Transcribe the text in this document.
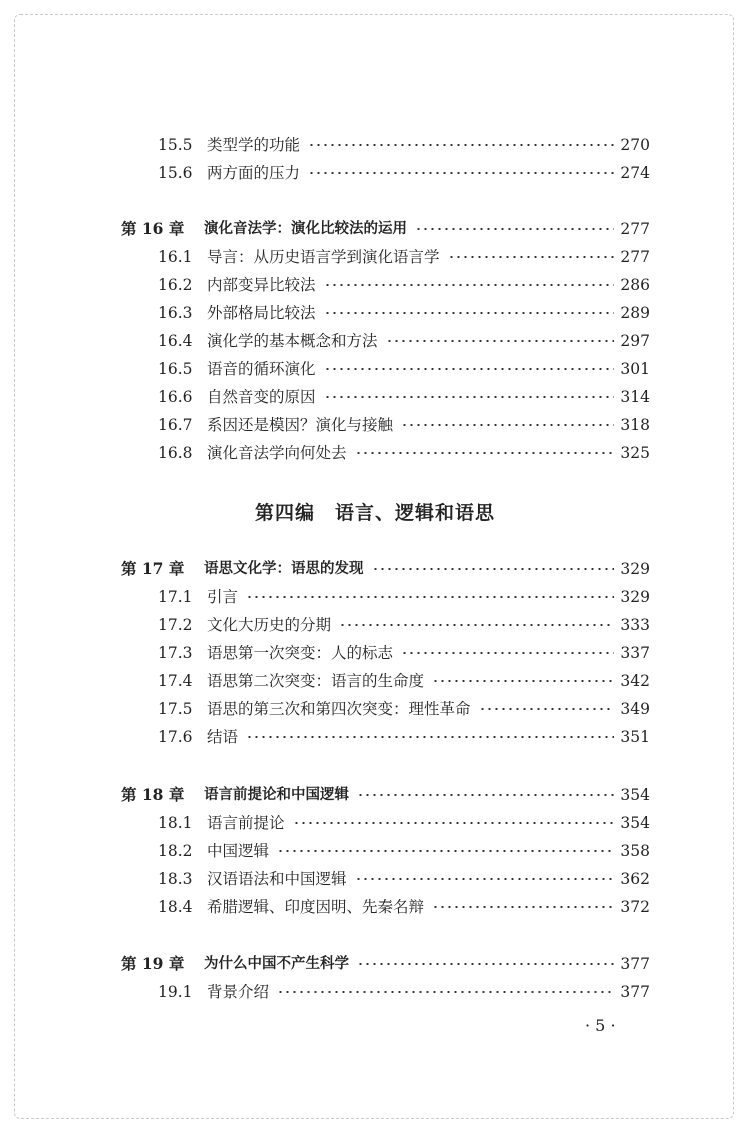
15.5 类型学的功能	270
15.6 两方面的压力	274
第 16 章	演化音法学：演化比较法的运用	277
16.1 导言：从历史语言学到演化语言学	277
16.2 内部变异比较法	286
16.3 外部格局比较法	289
16.4 演化学的基本概念和方法	297
16.5 语音的循环演化	301
16.6 自然音变的原因	314
16.7 系因还是模因？演化与接触	318
16.8 演化音法学向何处去	325
第四编　语言、逻辑和语思
第 17 章	语思文化学：语思的发现	329
17.1 引言	329
17.2 文化大历史的分期	333
17.3 语思第一次突变：人的标志	337
17.4 语思第二次突变：语言的生命度	342
17.5 语思的第三次和第四次突变：理性革命	349
17.6 结语	351
第 18 章	语言前提论和中国逻辑	354
18.1 语言前提论	354
18.2 中国逻辑	358
18.3 汉语语法和中国逻辑	362
18.4 希腊逻辑、印度因明、先秦名辩	372
第 19 章	为什么中国不产生科学	377
19.1 背景介绍	377
· 5 ·
